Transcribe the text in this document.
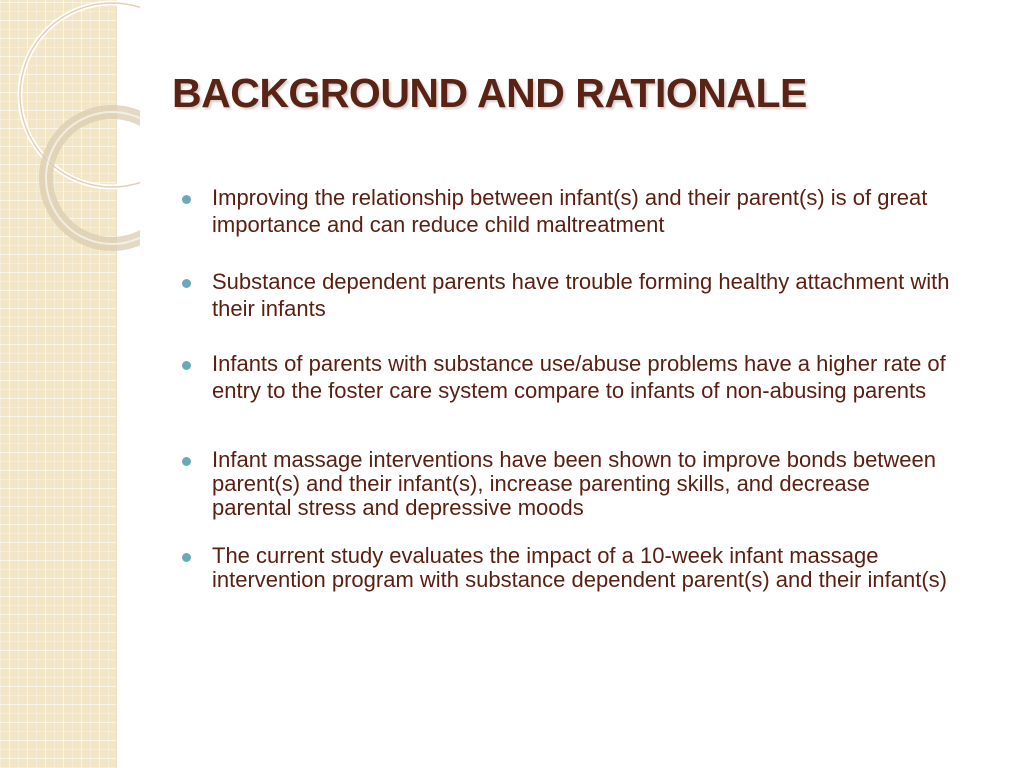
BACKGROUND AND RATIONALE
Improving the relationship between infant(s) and their parent(s) is of great importance and can reduce child maltreatment
Substance dependent parents have trouble forming healthy attachment with their infants
Infants of parents with substance use/abuse problems have a higher rate of entry to the foster care system compare to infants of non-abusing parents
Infant massage interventions have been shown to improve bonds between parent(s) and their infant(s), increase parenting skills, and decrease parental stress and depressive moods
The current study evaluates the impact of a 10-week infant massage intervention program with substance dependent parent(s) and their infant(s)
